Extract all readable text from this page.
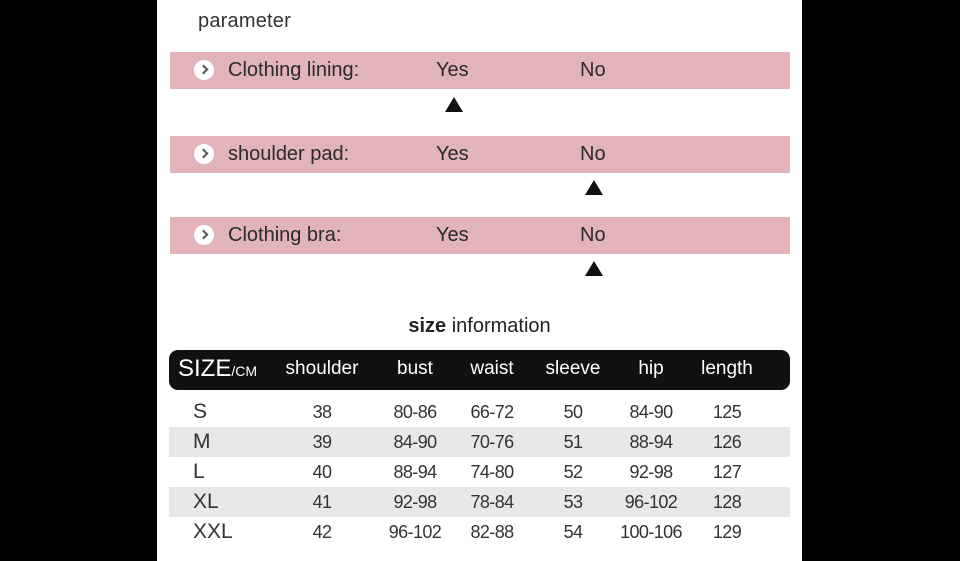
parameter
Clothing lining:	Yes	No
shoulder pad:	Yes	No
Clothing bra:	Yes	No
size information
SIZE/CM shoulder bust waist sleeve hip length
S	38	80-86 66-72	50	84-90 125
M	39	84-90 70-76	51	88-94 126
L	40	88-94 74-80	52	92-98 127
XL	41	92-98 78-84	53 96-102 128
XXL	42	96-102 82-88	54 100-106 129
